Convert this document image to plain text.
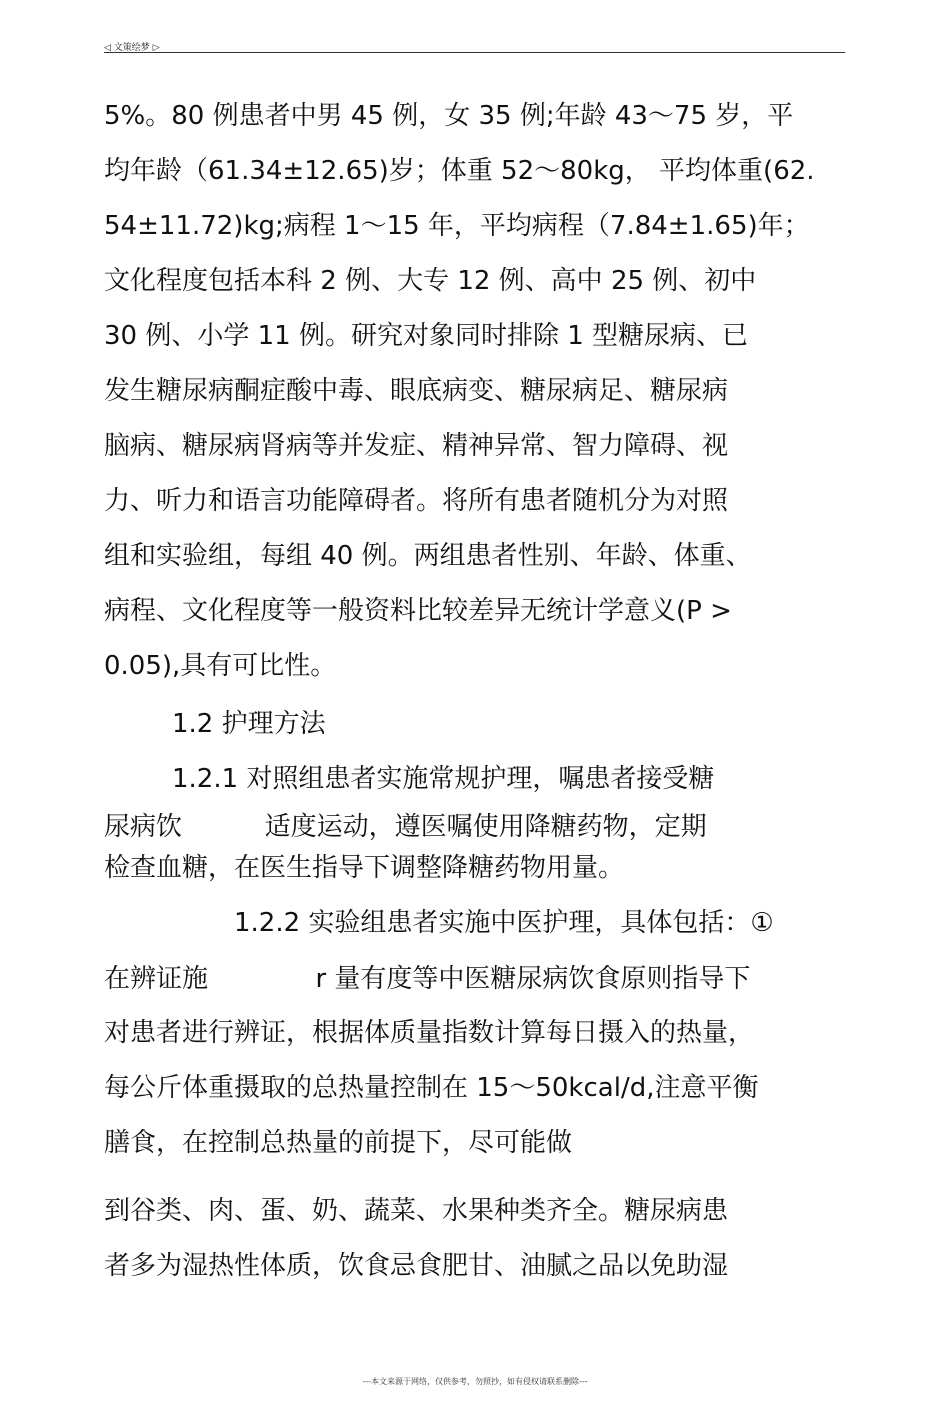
◁ 文策绘梦 ▷
5%。80 例患者中男 45 例，女 35 例;年龄 43〜75 岁，平
均年龄（61.34±12.65)岁；体重 52〜80kg， 平均体重(62.
54±11.72)kg;病程 1〜15 年，平均病程（7.84±1.65)年；
文化程度包括本科 2 例、大专 12 例、高中 25 例、初中
30 例、小学 11 例。研究对象同时排除 1 型糖尿病、已
发生糖尿病酮症酸中毒、眼底病变、糖尿病足、糖尿病
脑病、糖尿病肾病等并发症、精神异常、智力障碍、视
力、听力和语言功能障碍者。将所有患者随机分为对照
组和实验组，每组 40 例。两组患者性别、年龄、体重、
病程、文化程度等一般资料比较差异无统计学意义(P >
0.05),具有可比性。
1.2 护理方法
1.2.1 对照组患者实施常规护理，嘱患者接受糖
尿病饮          适度运动，遵医嘱使用降糖药物，定期
检查血糖，在医生指导下调整降糖药物用量。
1.2.2 实验组患者实施中医护理，具体包括：①
在辨证施             r 量有度等中医糖尿病饮食原则指导下
对患者进行辨证，根据体质量指数计算每日摄入的热量，
每公斤体重摄取的总热量控制在 15〜50kcal/d,注意平衡
膳食，在控制总热量的前提下，尽可能做
到谷类、肉、蛋、奶、蔬菜、水果种类齐全。糖尿病患
者多为湿热性体质，饮食忌食肥甘、油腻之品以免助湿
---本文来源于网络，仅供参考，勿照抄，如有侵权请联系删除---
